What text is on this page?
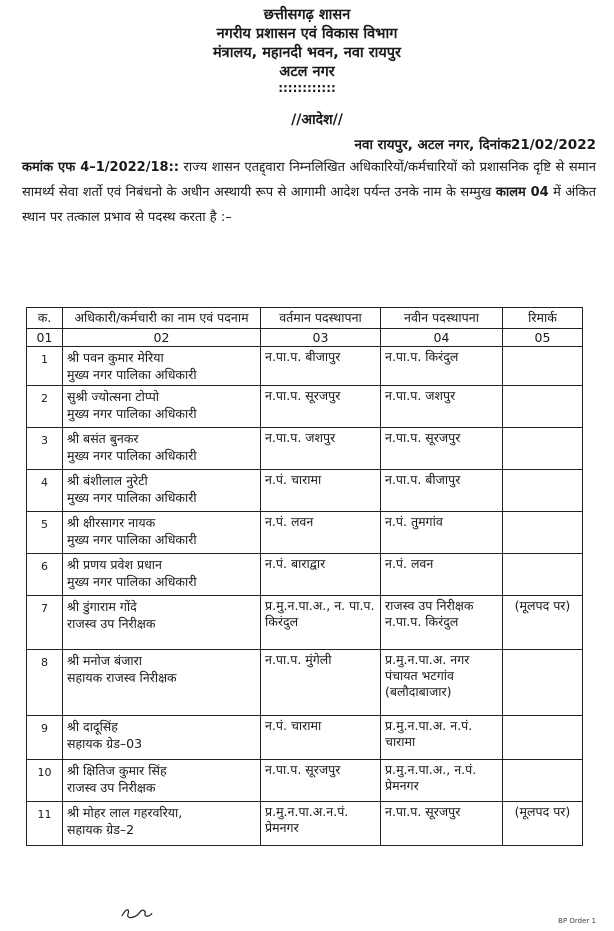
छत्तीसगढ़ शासन
नगरीय प्रशासन एवं विकास विभाग
मंत्रालय, महानदी भवन, नवा रायपुर
अटल नगर
::::::::::::
//आदेश//
नवा रायपुर, अटल नगर, दिनांक21/02/2022
कमांक एफ 4–1/2022/18:: राज्य शासन एतद्द्वारा निम्नलिखित अधिकारियों/कर्मचारियों को प्रशासनिक दृष्टि से समान सामर्थ्य सेवा शर्तो एवं निबंधनो के अधीन अस्थायी रूप से आगामी आदेश पर्यन्त उनके नाम के सम्मुख कालम 04 में अंकित स्थान पर तत्काल प्रभाव से पदस्थ करता है :–
क.	अधिकारी/कर्मचारी का नाम एवं पदनाम	वर्तमान पदस्थापना	नवीन पदस्थापना	रिमार्क
01	02	03	04	05
1	श्री पवन कुमार मेरिया
मुख्य नगर पालिका अधिकारी	न.पा.प. बीजापुर	न.पा.प. किरंदुल	
2	सुश्री ज्योत्सना टोप्पो
मुख्य नगर पालिका अधिकारी	न.पा.प. सूरजपुर	न.पा.प. जशपुर	
3	श्री बसंत बुनकर
मुख्य नगर पालिका अधिकारी	न.पा.प. जशपुर	न.पा.प. सूरजपुर	
4	श्री बंशीलाल नुरेटी
मुख्य नगर पालिका अधिकारी	न.पं. चारामा	न.पा.प. बीजापुर	
5	श्री क्षीरसागर नायक
मुख्य नगर पालिका अधिकारी	न.पं. लवन	न.पं. तुमगांव	
6	श्री प्रणय प्रवेश प्रधान
मुख्य नगर पालिका अधिकारी	न.पं. बाराद्वार	न.पं. लवन	
7	श्री डुंगाराम गोंदे
राजस्व उप निरीक्षक	प्र.मु.न.पा.अ., न. पा.प. किरंदुल	राजस्व उप निरीक्षक न.पा.प. किरंदुल	(मूलपद पर)
8	श्री मनोज बंजारा
सहायक राजस्व निरीक्षक	न.पा.प. मुंगेली	प्र.मु.न.पा.अ. नगर पंचायत भटगांव (बलौदाबाजार)	
9	श्री दादूसिंह
सहायक ग्रेड–03	न.पं. चारामा	प्र.मु.न.पा.अ. न.पं. चारामा	
10	श्री क्षितिज कुमार सिंह
राजस्व उप निरीक्षक	न.पा.प. सूरजपुर	प्र.मु.न.पा.अ., न.पं. प्रेमनगर	
11	श्री मोहर लाल गहरवरिया,
सहायक ग्रेड–2	प्र.मु.न.पा.अ.न.पं. प्रेमनगर	न.पा.प. सूरजपुर	(मूलपद पर)
BP Order 1
